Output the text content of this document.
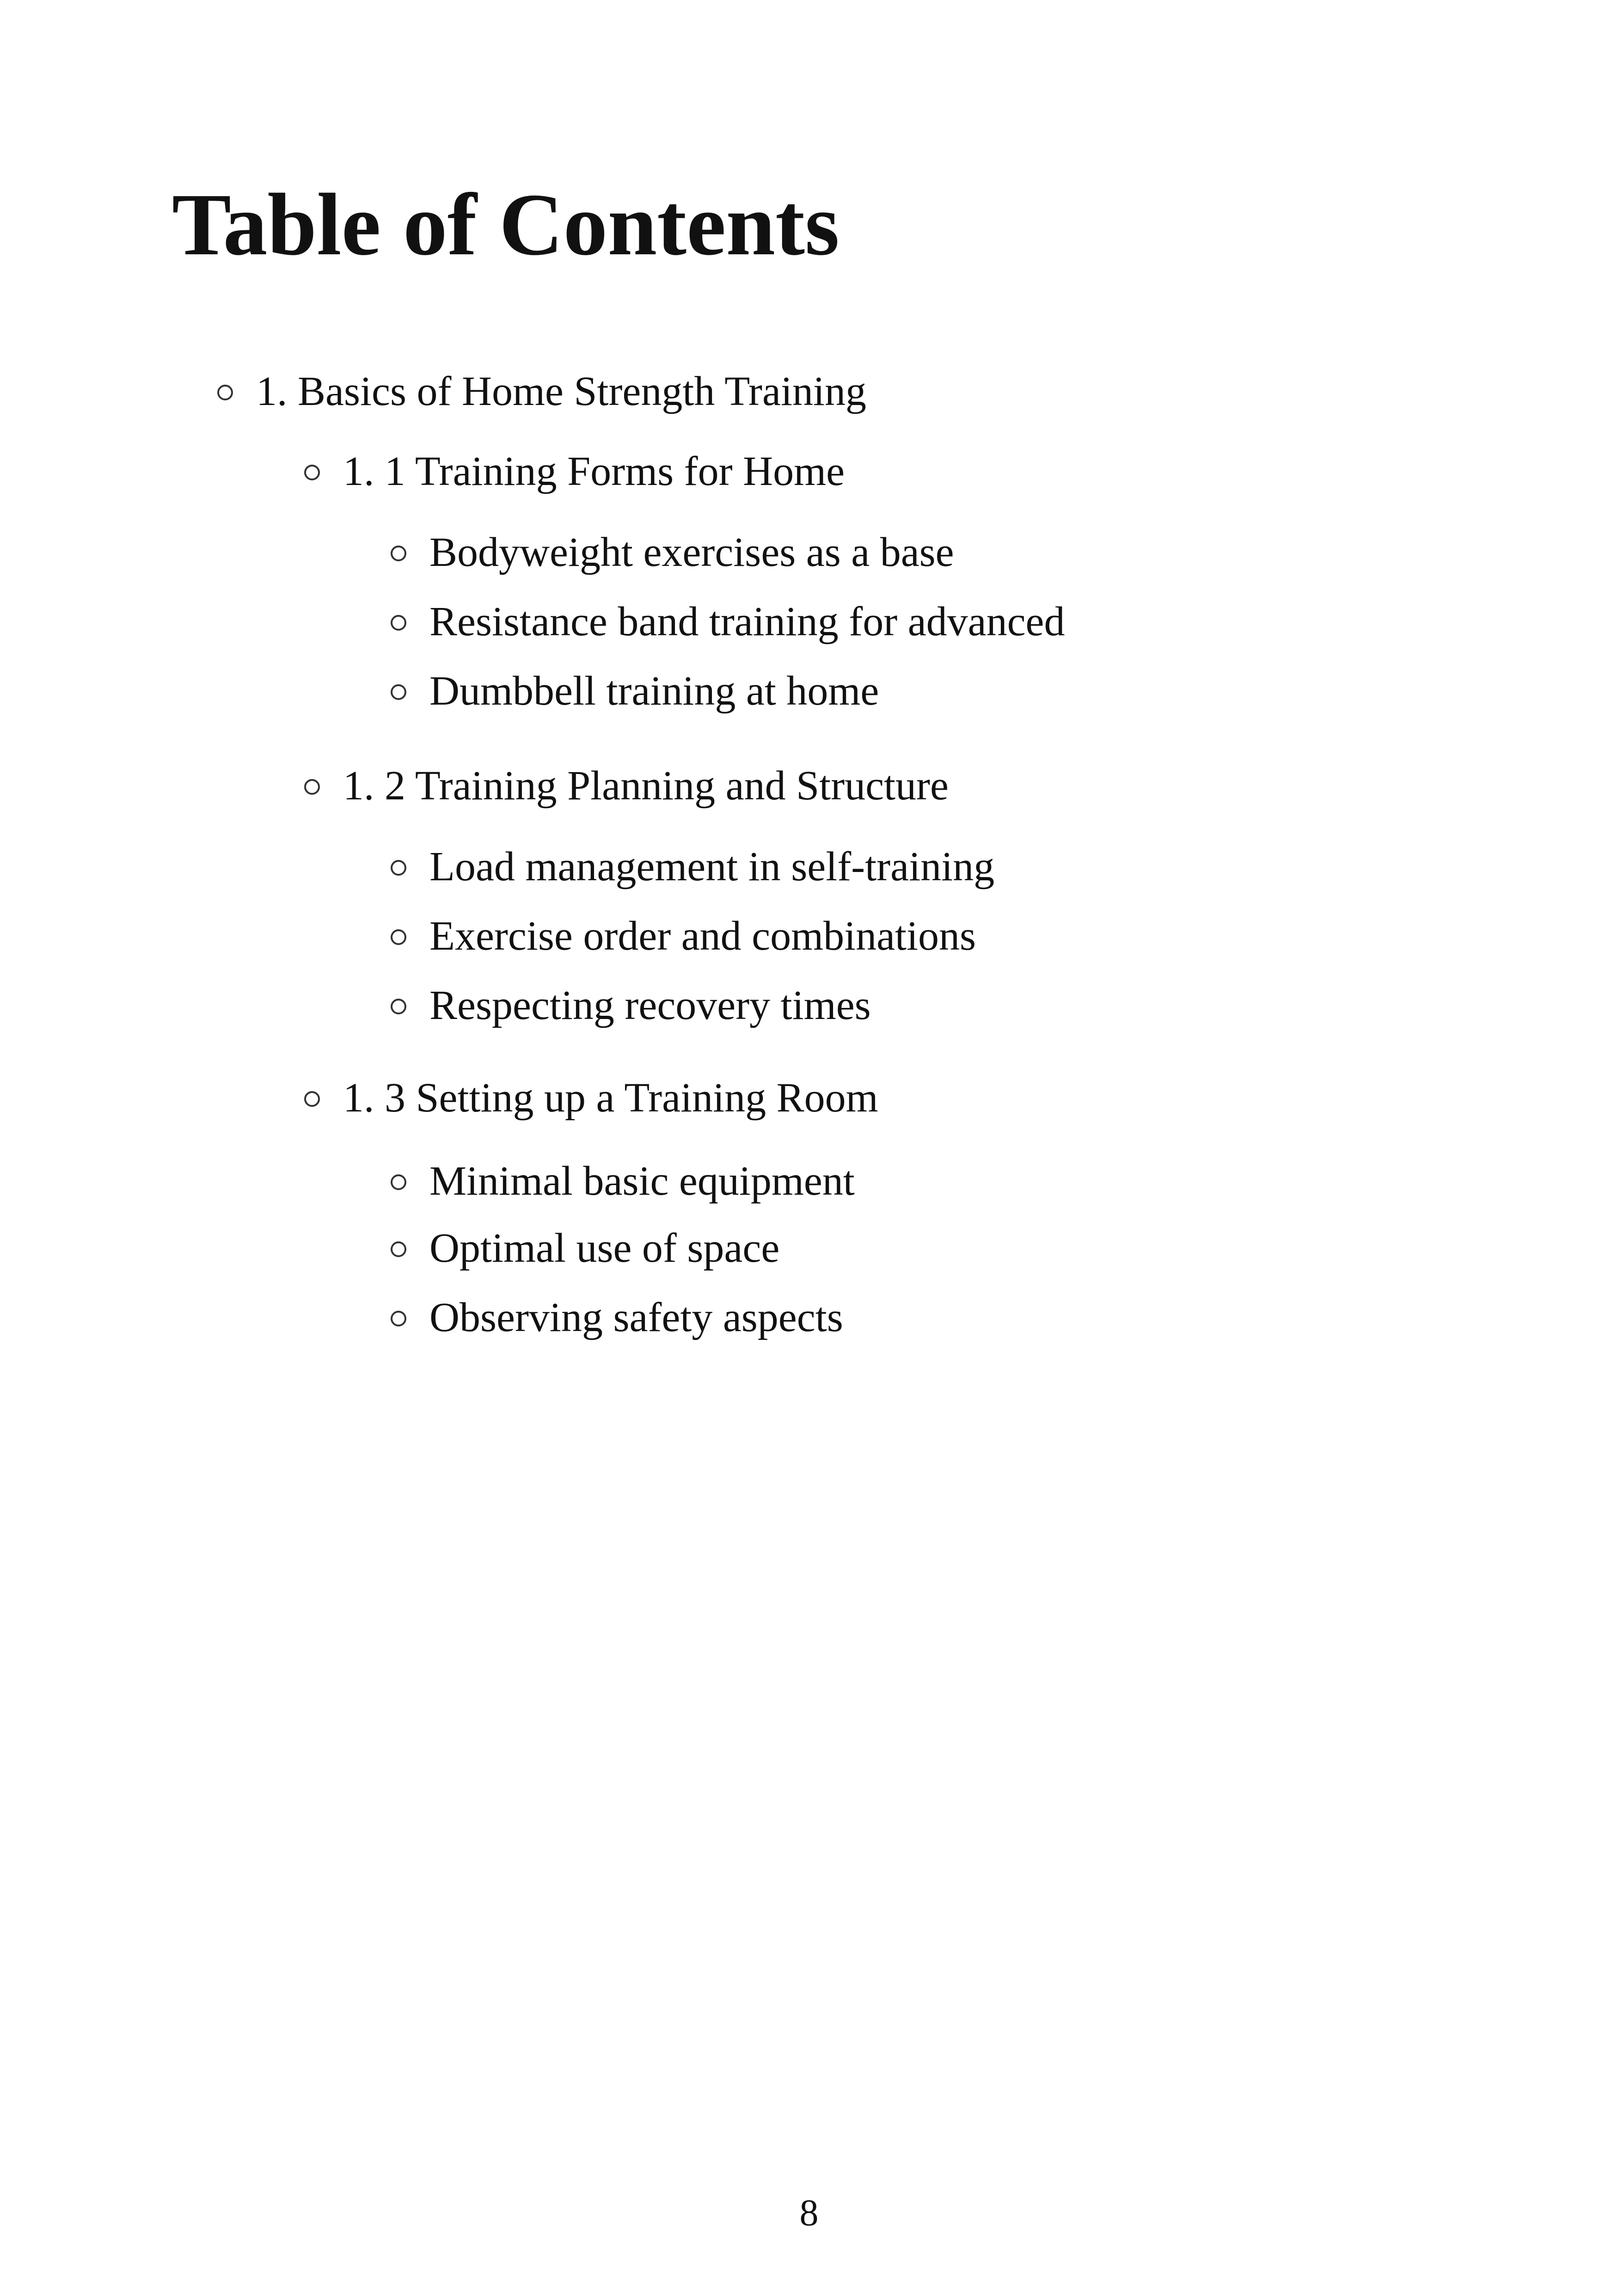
Table of Contents
1. Basics of Home Strength Training
1. 1 Training Forms for Home
Bodyweight exercises as a base
Resistance band training for advanced
Dumbbell training at home
1. 2 Training Planning and Structure
Load management in self-training
Exercise order and combinations
Respecting recovery times
1. 3 Setting up a Training Room
Minimal basic equipment
Optimal use of space
Observing safety aspects
8
